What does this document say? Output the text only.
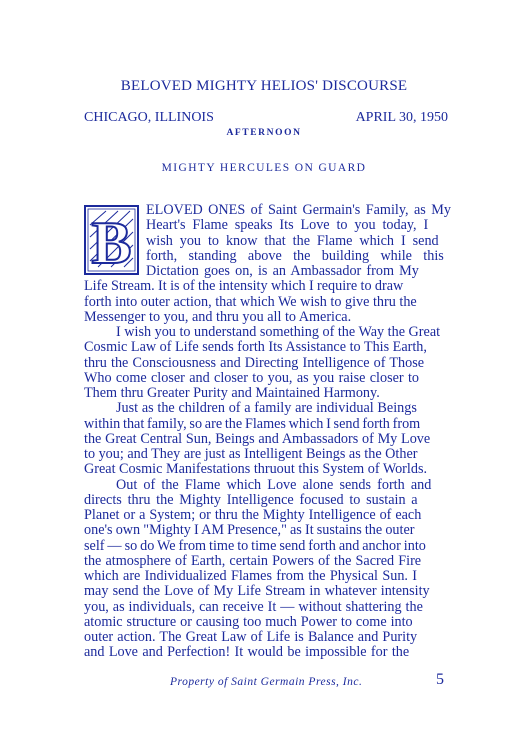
BELOVED MIGHTY HELIOS' DISCOURSE
CHICAGO, ILLINOIS	APRIL 30, 1950
AFTERNOON
MIGHTY HERCULES ON GUARD
B
Property of Saint Germain Press, Inc.	5
ELOVED ONES of Saint Germain's Family, as My
Heart's Flame speaks Its Love to you today, I
wish you to know that the Flame which I send
forth, standing above the building while this
Dictation goes on, is an Ambassador from My
Life Stream. It is of the intensity which I require to draw
forth into outer action, that which We wish to give thru the
Messenger to you, and thru you all to America.
I wish you to understand something of the Way the Great
Cosmic Law of Life sends forth Its Assistance to This Earth,
thru the Consciousness and Directing Intelligence of Those
Who come closer and closer to you, as you raise closer to
Them thru Greater Purity and Maintained Harmony.
Just as the children of a family are individual Beings
within that family, so are the Flames which I send forth from
the Great Central Sun, Beings and Ambassadors of My Love
to you; and They are just as Intelligent Beings as the Other
Great Cosmic Manifestations thruout this System of Worlds.
Out of the Flame which Love alone sends forth and
directs thru the Mighty Intelligence focused to sustain a
Planet or a System; or thru the Mighty Intelligence of each
one's own "Mighty I AM Presence," as It sustains the outer
self — so do We from time to time send forth and anchor into
the atmosphere of Earth, certain Powers of the Sacred Fire
which are Individualized Flames from the Physical Sun. I
may send the Love of My Life Stream in whatever intensity
you, as individuals, can receive It — without shattering the
atomic structure or causing too much Power to come into
outer action. The Great Law of Life is Balance and Purity
and Love and Perfection! It would be impossible for the
